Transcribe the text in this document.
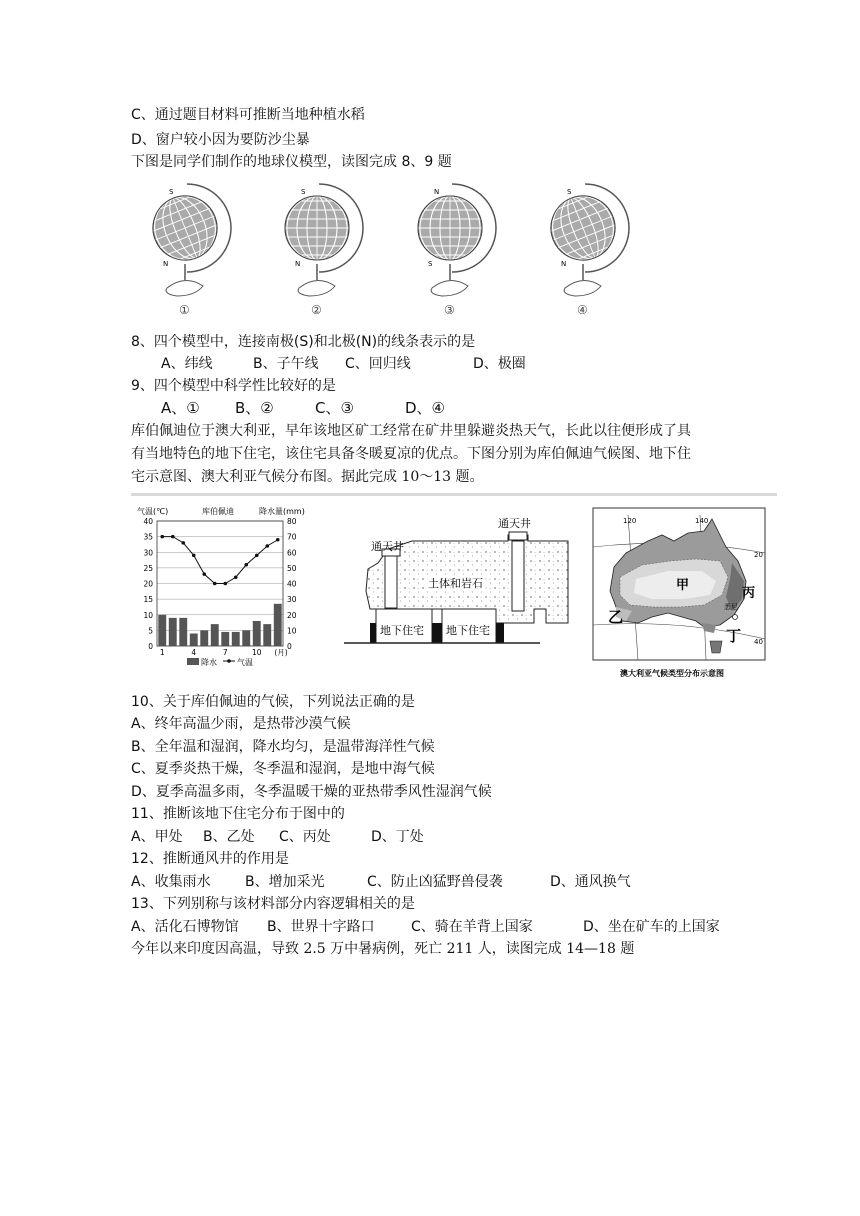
C、通过题目材料可推断当地种植水稻
D、窗户较小因为要防沙尘暴
下图是同学们制作的地球仪模型，读图完成 8、9 题
S
N
①
S
N
②
N
S
③
S
N
④
8、四个模型中，连接南极(S)和北极(N)的线条表示的是
A、纬线	B、子午线 C、回归线	D、极圈
9、四个模型中科学性比较好的是
A、① B、②	C、③	D、④
库伯佩迪位于澳大利亚，早年该地区矿工经常在矿井里躲避炎热天气，长此以往便形成了具
有当地特色的地下住宅，该住宅具备冬暖夏凉的优点。下图分别为库伯佩迪气候图、地下住
宅示意图、澳大利亚气候分布图。据此完成 10～13 题。
气温(℃)	库伯佩迪	降水量(mm)
0	0
5	10
10	20
15	30
20	40
25	50
30	60
35	70
40	80
1	4	7	10 (月)
降水	气温
通天井
通天井
土体和岩石
地下住宅 地下住宅
120	140
20
40
甲
乙
丙
丁
悉尼
澳大利亚气候类型分布示意图
10、关于库伯佩迪的气候，下列说法正确的是
A、终年高温少雨，是热带沙漠气候
B、全年温和湿润，降水均匀，是温带海洋性气候
C、夏季炎热干燥，冬季温和湿润，是地中海气候
D、夏季高温多雨，冬季温暖干燥的亚热带季风性湿润气候
11、推断该地下住宅分布于图中的
A、甲处 B、乙处 C、丙处	D、丁处
12、推断通风井的作用是
A、收集雨水 B、增加采光	C、防止凶猛野兽侵袭	D、通风换气
13、下列别称与该材料部分内容逻辑相关的是
A、活化石博物馆 B、世界十字路口	C、骑在羊背上国家	D、坐在矿车的上国家
今年以来印度因高温，导致 2.5 万中暑病例，死亡 211 人，读图完成 14—18 题
